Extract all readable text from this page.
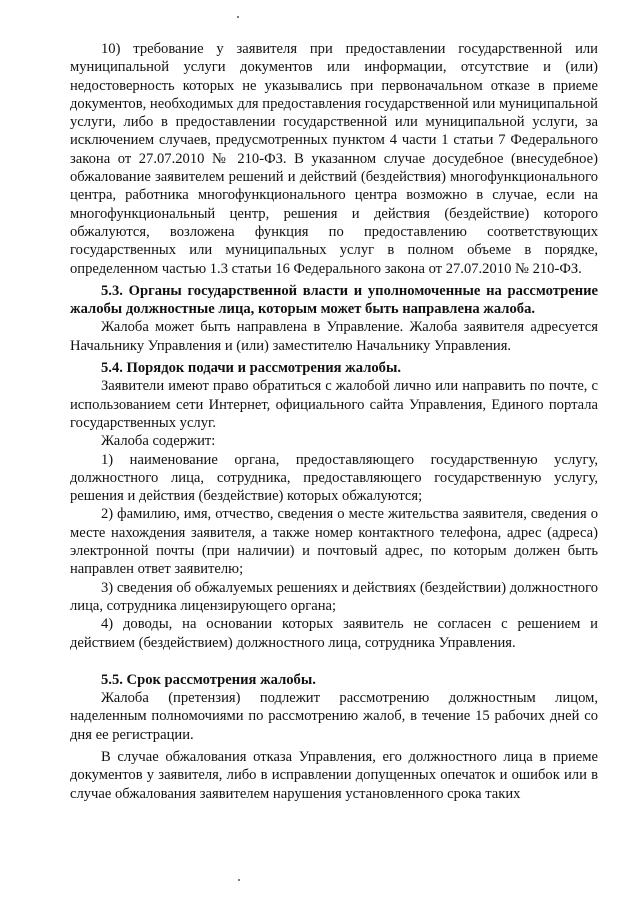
10) требование у заявителя при предоставлении государственной или муниципальной услуги документов или информации, отсутствие и (или) недостоверность которых не указывались при первоначальном отказе в приеме документов, необходимых для предоставления государственной или муниципальной услуги, либо в предоставлении государственной или муниципальной услуги, за исключением случаев, предусмотренных пунктом 4 части 1 статьи 7 Федерального закона от 27.07.2010 № 210-ФЗ. В указанном случае досудебное (внесудебное) обжалование заявителем решений и действий (бездействия) многофункционального центра, работника многофункционального центра возможно в случае, если на многофункциональный центр, решения и действия (бездействие) которого обжалуются, возложена функция по предоставлению соответствующих государственных или муниципальных услуг в полном объеме в порядке, определенном частью 1.3 статьи 16 Федерального закона от 27.07.2010 № 210-ФЗ.

5.3. Органы государственной власти и уполномоченные на рассмотрение жалобы должностные лица, которым может быть направлена жалоба.

Жалоба может быть направлена в Управление. Жалоба заявителя адресуется Начальнику Управления и (или) заместителю Начальнику Управления.

5.4. Порядок подачи и рассмотрения жалобы.

Заявители имеют право обратиться с жалобой лично или направить по почте, с использованием сети Интернет, официального сайта Управления, Единого портала государственных услуг.

Жалоба содержит:

1) наименование органа, предоставляющего государственную услугу, должностного лица, сотрудника, предоставляющего государственную услугу, решения и действия (бездействие) которых обжалуются;

2) фамилию, имя, отчество, сведения о месте жительства заявителя, сведения о месте нахождения заявителя, а также номер контактного телефона, адрес (адреса) электронной почты (при наличии) и почтовый адрес, по которым должен быть направлен ответ заявителю;

3) сведения об обжалуемых решениях и действиях (бездействии) должностного лица, сотрудника лицензирующего органа;

4) доводы, на основании которых заявитель не согласен с решением и действием (бездействием) должностного лица, сотрудника Управления.

5.5. Срок рассмотрения жалобы.

Жалоба (претензия) подлежит рассмотрению должностным лицом, наделенным полномочиями по рассмотрению жалоб, в течение 15 рабочих дней со дня ее регистрации.

В случае обжалования отказа Управления, его должностного лица в приеме документов у заявителя, либо в исправлении допущенных опечаток и ошибок или в случае обжалования заявителем нарушения установленного срока таких
